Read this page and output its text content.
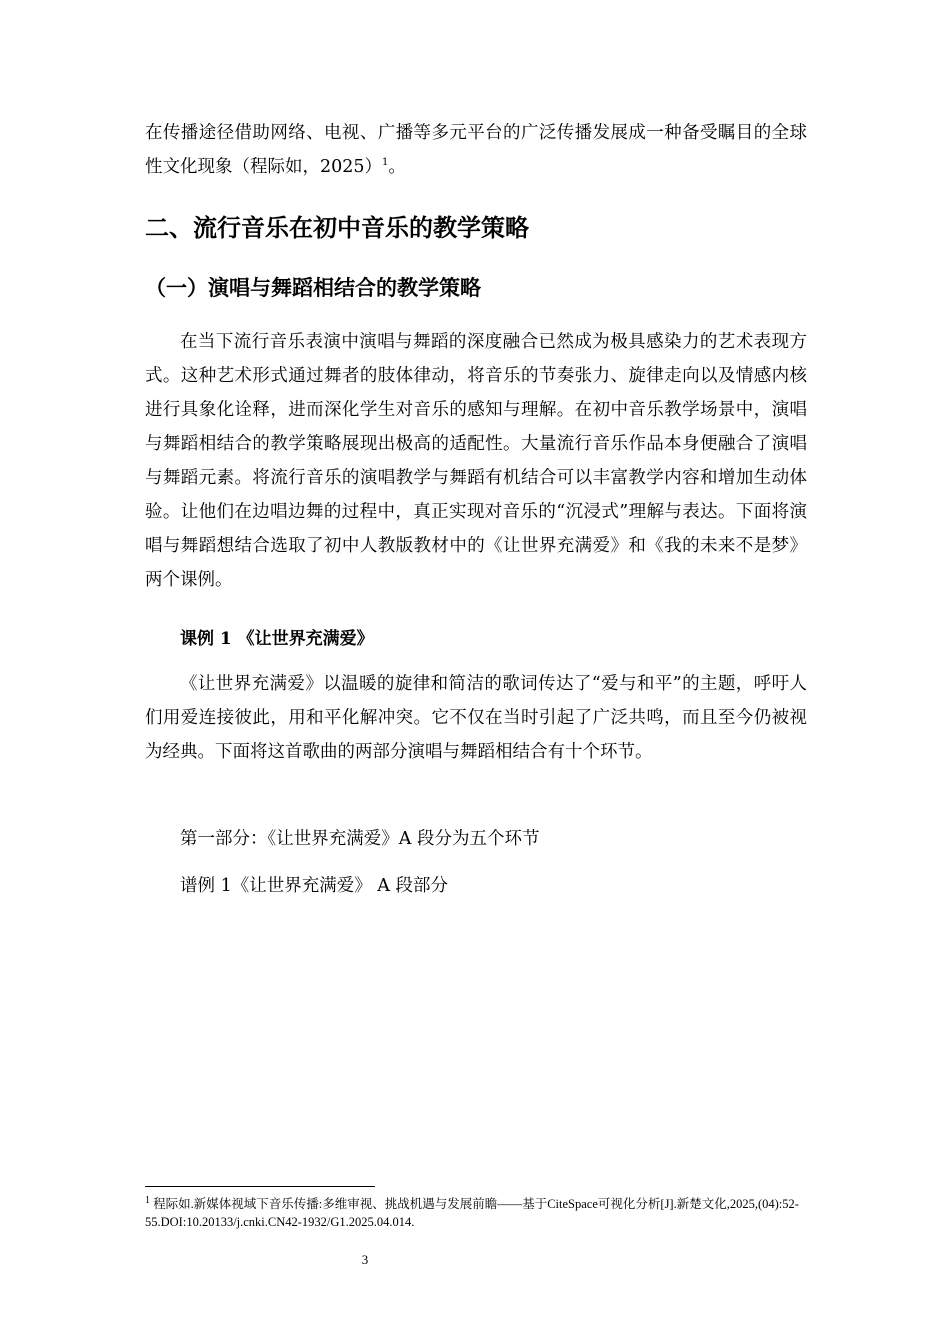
在传播途径借助网络、电视、广播等多元平台的广泛传播发展成一种备受瞩目的全球性文化现象（程际如，2025）$^1$。

二、流行音乐在初中音乐的教学策略
（一）演唱与舞蹈相结合的教学策略

在当下流行音乐表演中演唱与舞蹈的深度融合已然成为极具感染力的艺术表现方式。这种艺术形式通过舞者的肢体律动，将音乐的节奏张力、旋律走向以及情感内核进行具象化诠释，进而深化学生对音乐的感知与理解。在初中音乐教学场景中，演唱与舞蹈相结合的教学策略展现出极高的适配性。大量流行音乐作品本身便融合了演唱与舞蹈元素。将流行音乐的演唱教学与舞蹈有机结合可以丰富教学内容和增加生动体验。让他们在边唱边舞的过程中，真正实现对音乐的“沉浸式”理解与表达。下面将演唱与舞蹈想结合选取了初中人教版教材中的《让世界充满爱》和《我的未来不是梦》两个课例。

课例 1 《让世界充满爱》

《让世界充满爱》以温暖的旋律和简洁的歌词传达了“爱与和平”的主题，呼吁人们用爱连接彼此，用和平化解冲突。它不仅在当时引起了广泛共鸣，而且至今仍被视为经典。下面将这首歌曲的两部分演唱与舞蹈相结合有十个环节。

第一部分：《让世界充满爱》A 段分为五个环节

谱例 1《让世界充满爱》 A 段部分

$^1$ 程际如.新媒体视域下音乐传播:多维审视、挑战机遇与发展前瞻——基于CiteSpace可视化分析[J].新楚文化,2025,(04):52-55.DOI:10.20133/j.cnki.CN42-1932/G1.2025.04.014.

3
